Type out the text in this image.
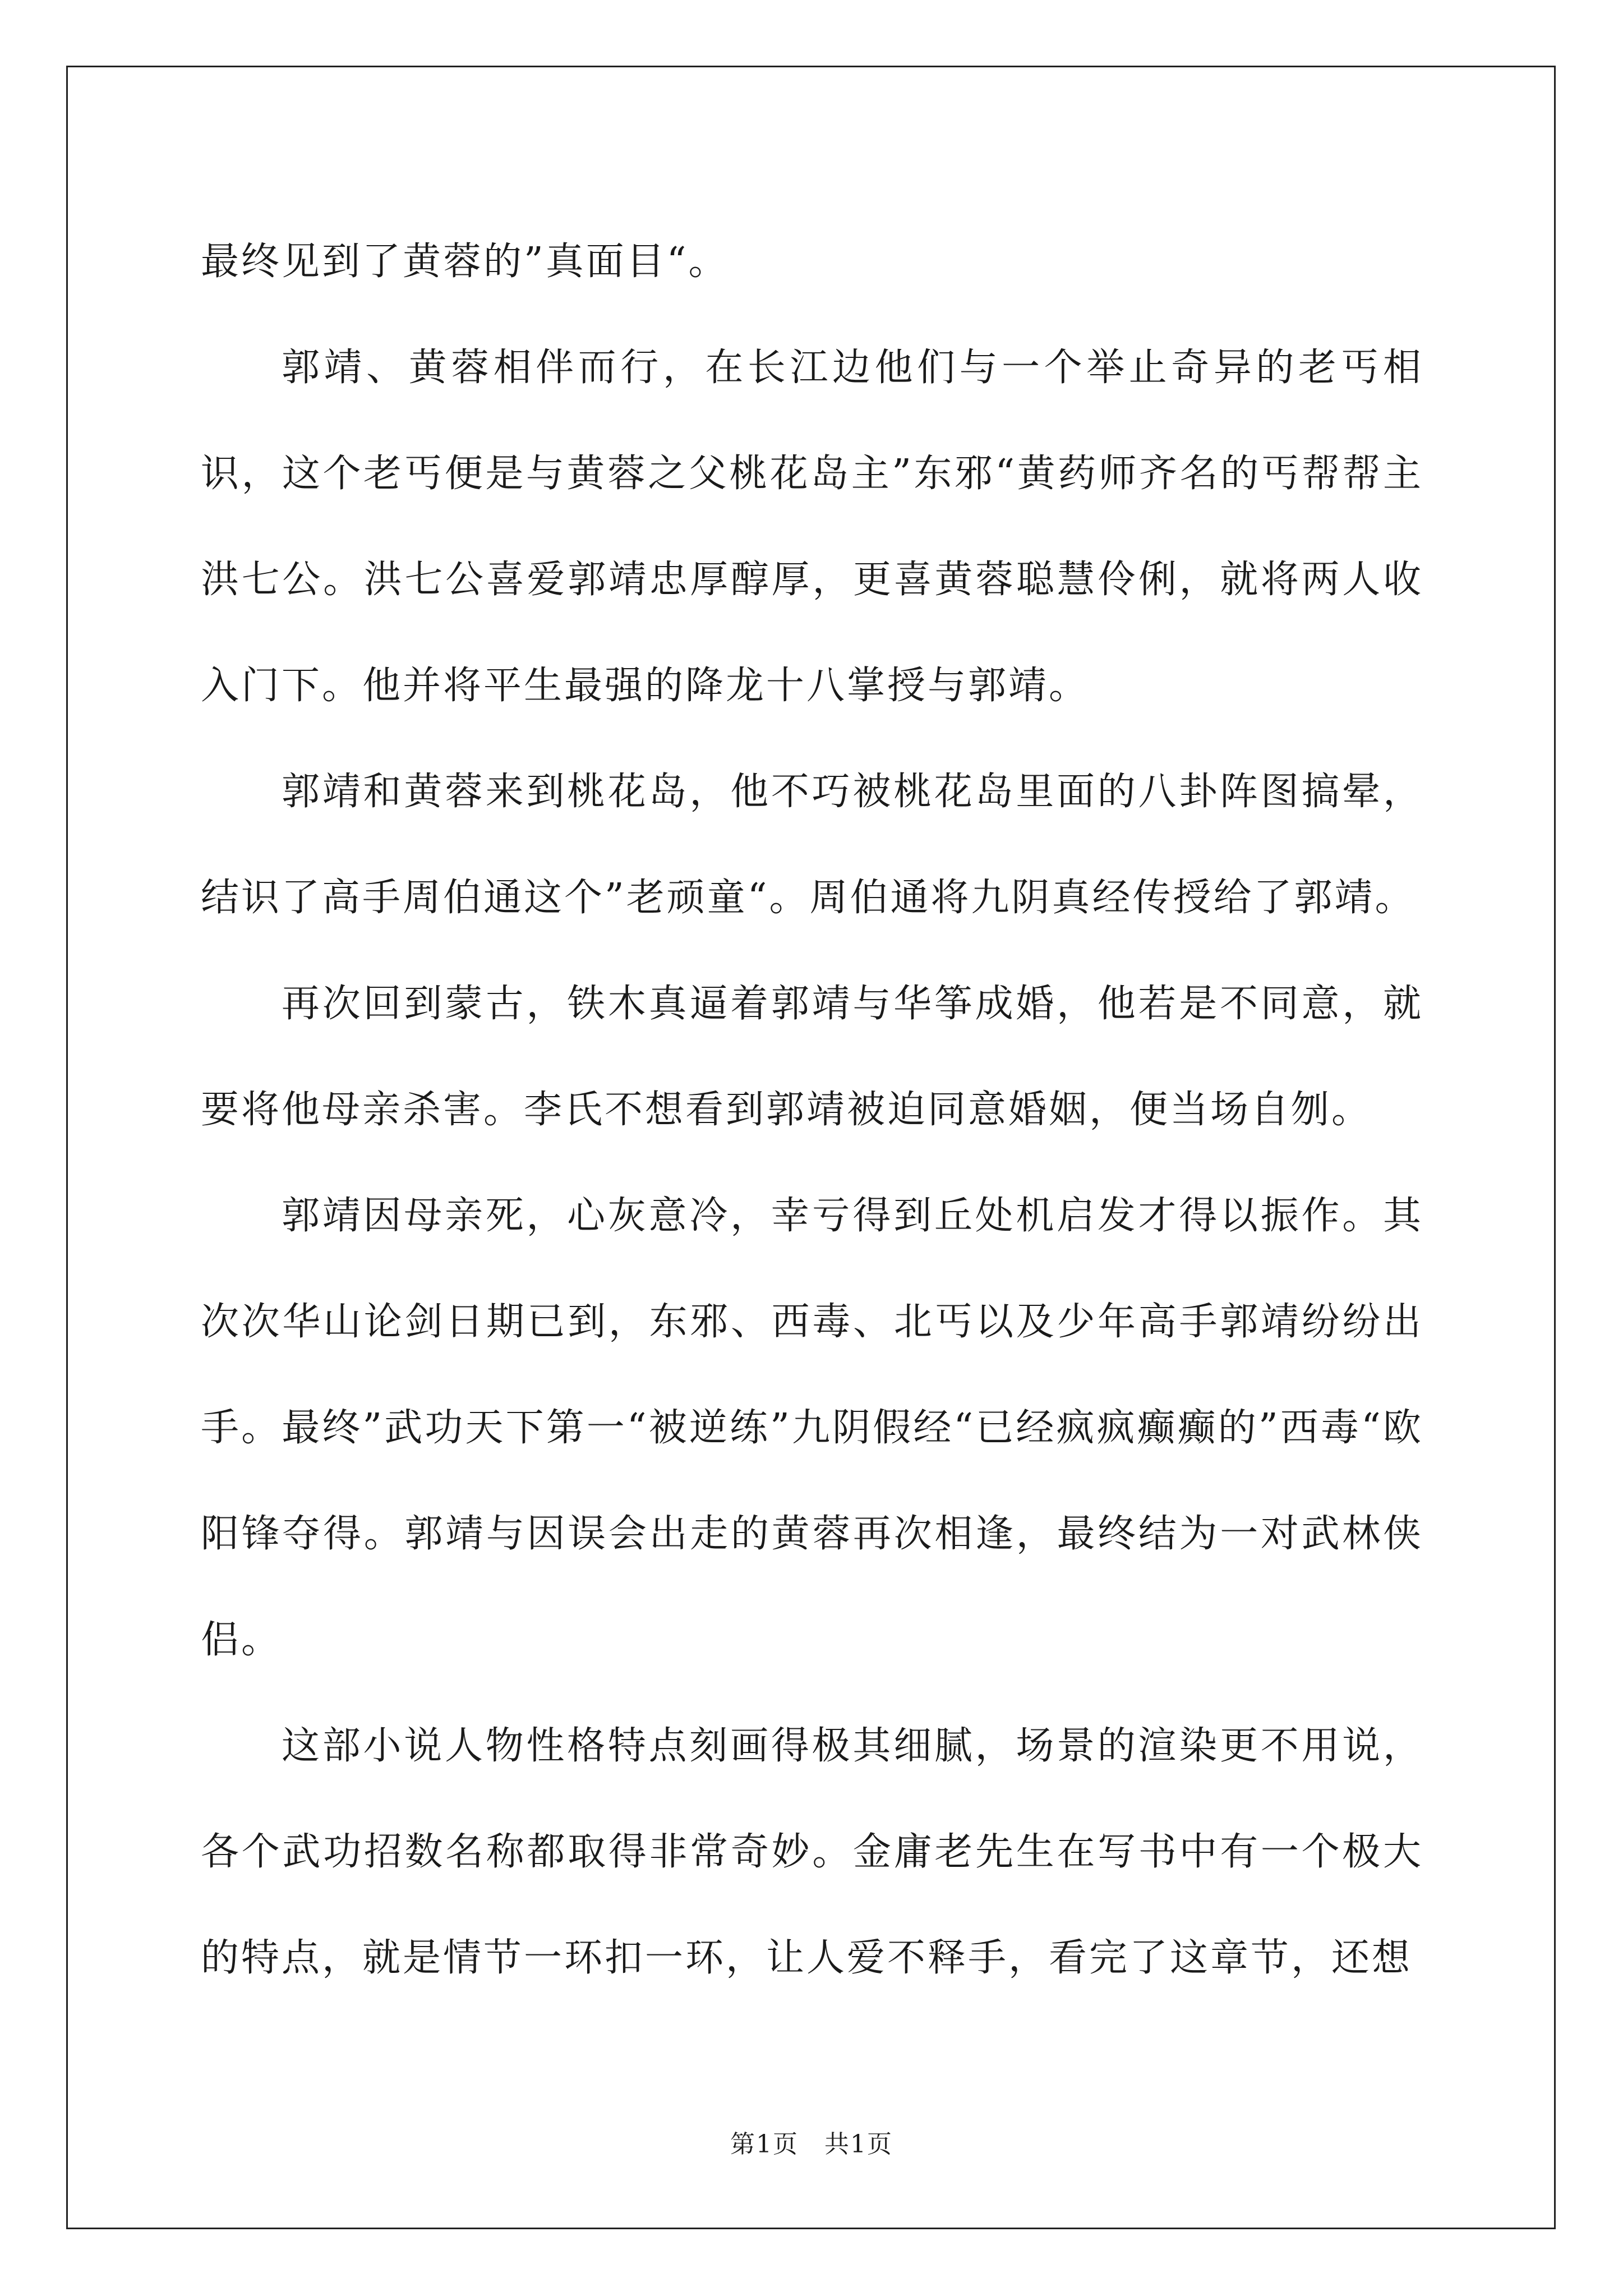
最终见到了黄蓉的”真面目“。

郭靖、黄蓉相伴而行，在长江边他们与一个举止奇异的老丐相识，这个老丐便是与黄蓉之父桃花岛主”东邪“黄药师齐名的丐帮帮主洪七公。洪七公喜爱郭靖忠厚醇厚，更喜黄蓉聪慧伶俐，就将两人收入门下。他并将平生最强的降龙十八掌授与郭靖。

郭靖和黄蓉来到桃花岛，他不巧被桃花岛里面的八卦阵图搞晕，结识了高手周伯通这个”老顽童“。周伯通将九阴真经传授给了郭靖。

再次回到蒙古，铁木真逼着郭靖与华筝成婚，他若是不同意，就要将他母亲杀害。李氏不想看到郭靖被迫同意婚姻，便当场自刎。

郭靖因母亲死，心灰意冷，幸亏得到丘处机启发才得以振作。其次次华山论剑日期已到，东邪、西毒、北丐以及少年高手郭靖纷纷出手。最终”武功天下第一“被逆练”九阴假经“已经疯疯癫癫的”西毒“欧阳锋夺得。郭靖与因误会出走的黄蓉再次相逢，最终结为一对武林侠侣。

这部小说人物性格特点刻画得极其细腻，场景的渲染更不用说，各个武功招数名称都取得非常奇妙。金庸老先生在写书中有一个极大的特点，就是情节一环扣一环，让人爱不释手，看完了这章节，还想

第1页　共1页
